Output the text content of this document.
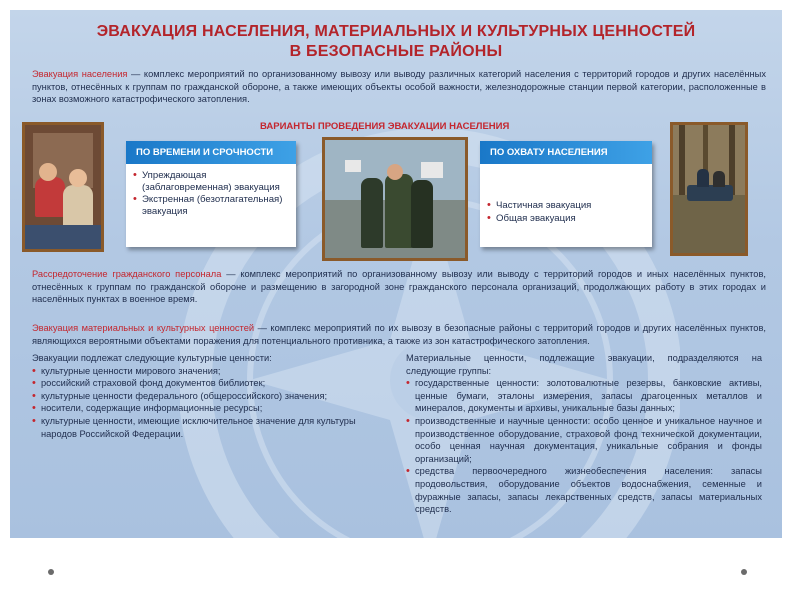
ЭВАКУАЦИЯ НАСЕЛЕНИЯ, МАТЕРИАЛЬНЫХ И КУЛЬТУРНЫХ ЦЕННОСТЕЙ
В БЕЗОПАСНЫЕ РАЙОНЫ
Эвакуация населения — комплекс мероприятий по организованному вывозу или выводу различных категорий населения с территорий городов и других населённых пунктов, отнесённых к группам по гражданской обороне, а также имеющих объекты особой важности, железнодорожные станции первой категории, расположенные в зонах возможного катастрофического затопления.
ВАРИАНТЫ ПРОВЕДЕНИЯ ЭВАКУАЦИИ НАСЕЛЕНИЯ
ПО ВРЕМЕНИ И СРОЧНОСТИ
• Упреждающая (заблаговременная) эвакуация
• Экстренная (безотлагательная) эвакуация
ПО ОХВАТУ НАСЕЛЕНИЯ
• Частичная эвакуация
• Общая эвакуация
Рассредоточение гражданского персонала — комплекс мероприятий по организованному вывозу или выводу с территорий городов и иных населённых пунктов, отнесённых к группам по гражданской обороне и размещению в загородной зоне гражданского персонала организаций, продолжающих работу в этих городах и населённых пунктах в военное время.
Эвакуация материальных и культурных ценностей — комплекс мероприятий по их вывозу в безопасные районы с территорий городов и других населённых пунктов, являющихся вероятными объектами поражения для потенциального противника, а также из зон катастрофического затопления.
Эвакуации подлежат следующие культурные ценности:
• культурные ценности мирового значения;
• российский страховой фонд документов библиотек;
• культурные ценности федерального (общероссийского) значения;
• носители, содержащие информационные ресурсы;
• культурные ценности, имеющие исключительное значение для культуры народов Российской Федерации.
Материальные ценности, подлежащие эвакуации, подразделяются на следующие группы:
• государственные ценности: золотовалютные резервы, банковские активы, ценные бумаги, эталоны измерения, запасы драгоценных металлов и минералов, документы и архивы, уникальные базы данных;
• производственные и научные ценности: особо ценное и уникальное научное и производственное оборудование, страховой фонд технической документации, особо ценная научная документация, уникальные собрания и фонды организаций;
• средства первоочередного жизнеобеспечения населения: запасы продовольствия, оборудование объектов водоснабжения, семенные и фуражные запасы, запасы лекарственных средств, запасы материальных средств.
